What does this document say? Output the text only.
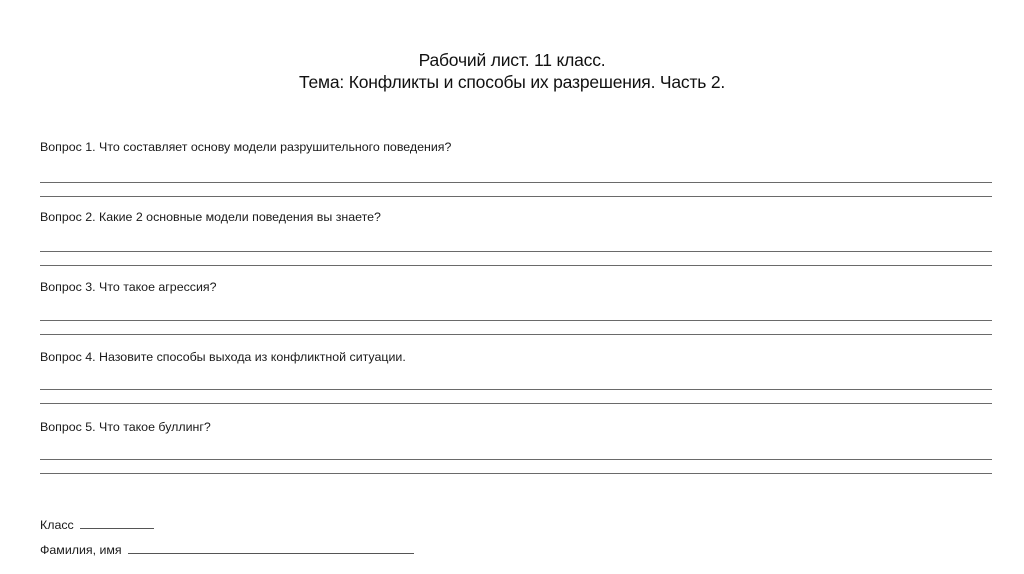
Рабочий лист. 11 класс.
Тема: Конфликты и способы их разрешения. Часть 2.
Вопрос 1. Что составляет основу модели разрушительного поведения?
Вопрос 2. Какие 2 основные модели поведения вы знаете?
Вопрос 3. Что такое агрессия?
Вопрос 4. Назовите способы выхода из конфликтной ситуации.
Вопрос 5. Что такое буллинг?
Класс
Фамилия, имя
